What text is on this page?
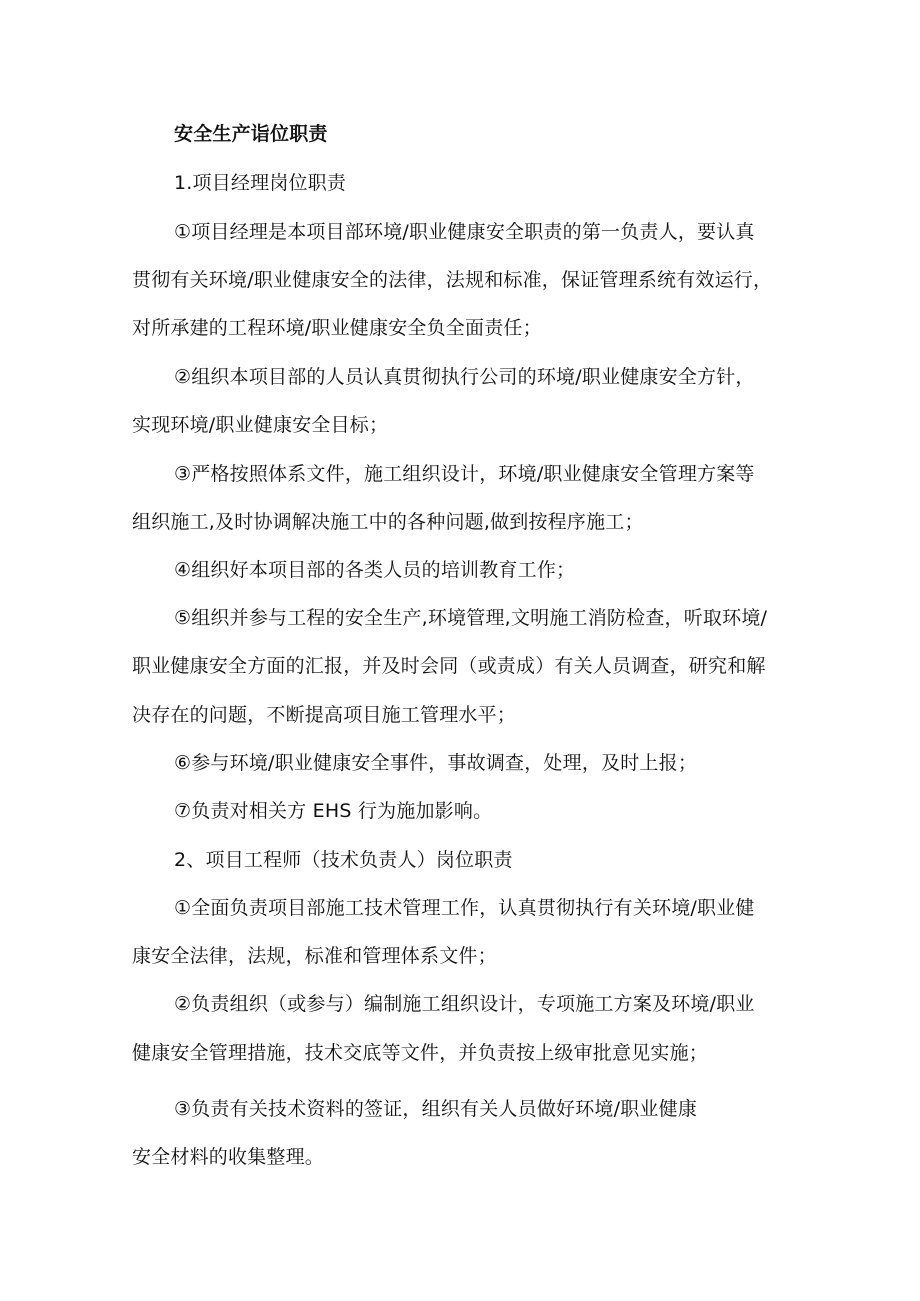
安全生产诣位职责
1.项目经理岗位职责
①项目经理是本项目部环境/职业健康安全职责的第一负责人，要认真
贯彻有关环境/职业健康安全的法律，法规和标准，保证管理系统有效运行，
对所承建的工程环境/职业健康安全负全面责任；
②组织本项目部的人员认真贯彻执行公司的环境/职业健康安全方针，
实现环境/职业健康安全目标；
③严格按照体系文件，施工组织设计，环境/职业健康安全管理方案等
组织施工,及时协调解决施工中的各种问题,做到按程序施工；
④组织好本项目部的各类人员的培训教育工作；
⑤组织并参与工程的安全生产,环境管理,文明施工消防检查，听取环境/
职业健康安全方面的汇报，并及时会同（或责成）有关人员调查，研究和解
决存在的问题，不断提高项目施工管理水平；
⑥参与环境/职业健康安全事件，事故调查，处理，及时上报；
⑦负责对相关方 EHS 行为施加影响。
2、项目工程师（技术负责人）岗位职责
①全面负责项目部施工技术管理工作，认真贯彻执行有关环境/职业健
康安全法律，法规，标准和管理体系文件；
②负责组织（或参与）编制施工组织设计，专项施工方案及环境/职业
健康安全管理措施，技术交底等文件，并负责按上级审批意见实施；
③负责有关技术资料的签证，组织有关人员做好环境/职业健康
安全材料的收集整理。
